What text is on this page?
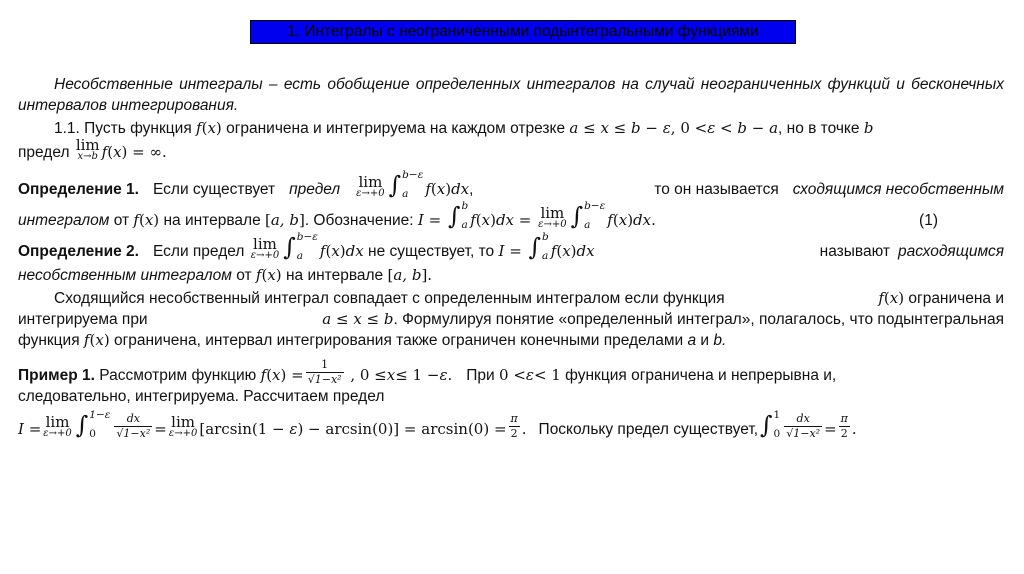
1. Интегралы с неограниченными подынтегральными функциями

Несобственные интегралы – есть обобщение определенных интегралов на случай неограниченных функций и бесконечных интервалов интегрирования.

1.1. Пусть функция
f ( x )
ограничена и интегрируема на каждом отрезке
a ≤ x ≤ b − ε , 0 < ε < b − a , но в точке
b
предел
lim
x→b f ( x ) = ∞.
Определение 1. Если существует предел lim
ε→+0 ∫ b−ε
a	f ( x ) dx ,	то он называется сходящимся несобственным
интегралом
от
f ( x )
на интервале
[ a, b ] . Обозначение:
I = ∫ b
a f ( x ) dx = lim
ε→+0 ∫ b−ε
a	f ( x ) dx .	(1)
Определение 2. Если предел
lim
ε→+0 ∫ b−ε
a	f ( x ) dx
не существует, то
I = ∫ b
a f ( x ) dx	называют расходящимся
несобственным интегралом
от
f ( x )
на интервале
[ a, b ].
Сходящийся несобственный интеграл совпадает с определенным интегралом если функция	f ( x )
ограничена и
интегрируема при	a ≤ x ≤ b . Формулируя понятие «определенный интеграл», полагалось, что подынтегральная
функция
f ( x )
ограничена, интервал интегрирования также ограничен конечными пределами
a
и
b.
Пример 1.
Рассмотрим функцию
f ( x ) = $\frac{1}{\text{√1−x²}}$ , 0 ≤ x ≤ 1 − ε . При
0 < ε < 1
функция ограничена и непрерывна и,
следовательно, интегрируема. Рассчитаем предел
I = lim
ε→+0 ∫ 1−ε
0	$\frac{dx}{\text{√1−x²}} = \lim$
ε→+0 $[\arcsin(1 - \varepsilon) - \arcsin(0)] = \arcsin(0) = \frac{\pi}{2}$ . Поскольку предел существует, ∫ 1
$0 \frac{dx}{\text{√1−x²}} = \frac{\pi}{2}$ .
